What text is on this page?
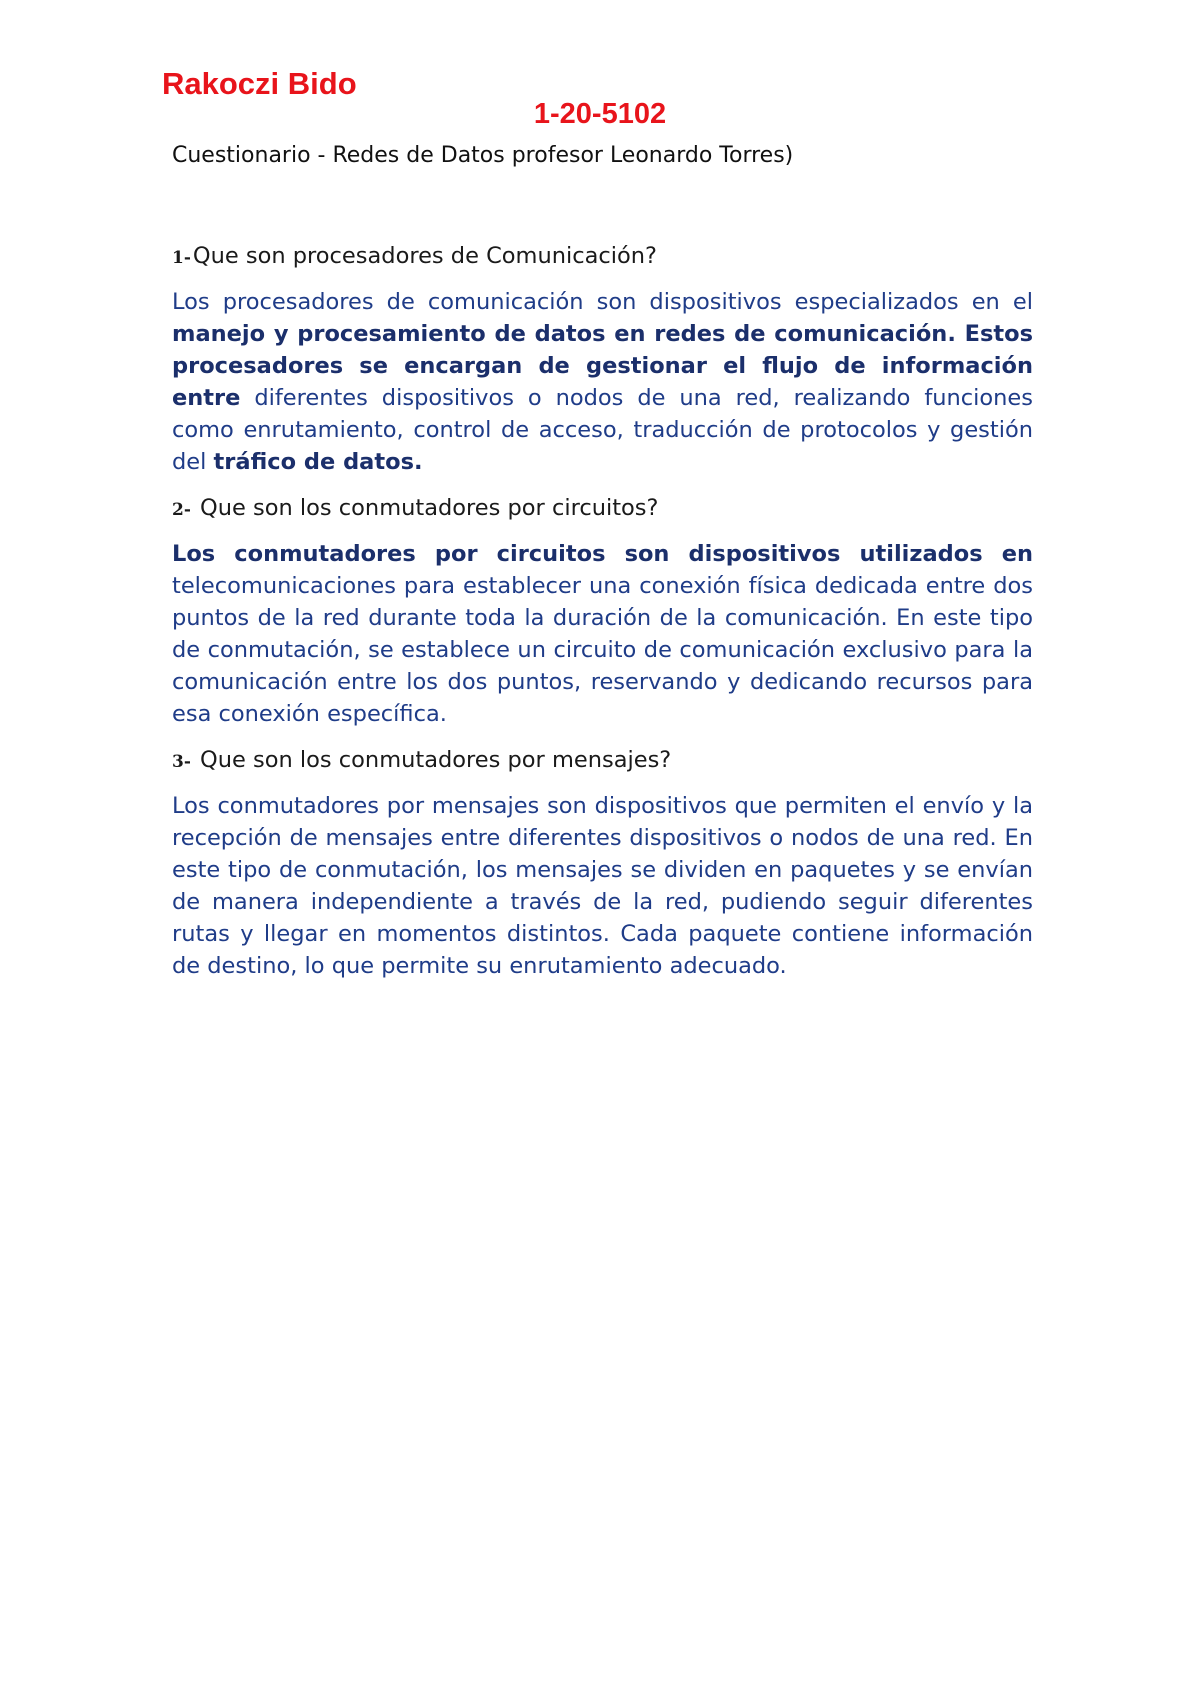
Rakoczi Bido
1-20-5102

Cuestionario - Redes de Datos profesor Leonardo Torres)

1-Que son procesadores de Comunicación?

Los procesadores de comunicación son dispositivos especializados en el manejo y procesamiento de datos en redes de comunicación. Estos procesadores se encargan de gestionar el flujo de información entre diferentes dispositivos o nodos de una red, realizando funciones como enrutamiento, control de acceso, traducción de protocolos y gestión del tráfico de datos.

2- Que son los conmutadores por circuitos?

Los conmutadores por circuitos son dispositivos utilizados en telecomunicaciones para establecer una conexión física dedicada entre dos puntos de la red durante toda la duración de la comunicación. En este tipo de conmutación, se establece un circuito de comunicación exclusivo para la comunicación entre los dos puntos, reservando y dedicando recursos para esa conexión específica.

3- Que son los conmutadores por mensajes?

Los conmutadores por mensajes son dispositivos que permiten el envío y la recepción de mensajes entre diferentes dispositivos o nodos de una red. En este tipo de conmutación, los mensajes se dividen en paquetes y se envían de manera independiente a través de la red, pudiendo seguir diferentes rutas y llegar en momentos distintos. Cada paquete contiene información de destino, lo que permite su enrutamiento adecuado.
